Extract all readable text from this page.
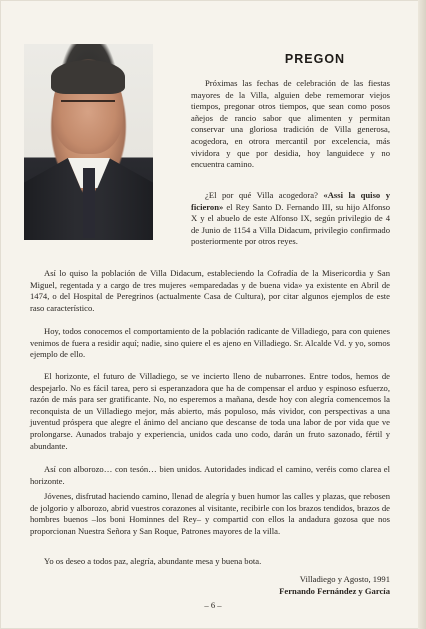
PREGON

Próximas las fechas de celebración de las fiestas mayores de la Villa, alguien debe rememorar viejos tiempos, pregonar otros tiempos, que sean como posos añejos de rancio sabor que alimenten y permitan conservar una gloriosa tradición de Villa generosa, acogedora, en otrora mercantil por excelencia, más vividora y que por desidia, hoy languidece y no encuentra camino.

¿El por qué Villa acogedora? «Assi la quiso y ficieron» el Rey Santo D. Fernando III, su hijo Alfonso X y el abuelo de este Alfonso IX, según privilegio de 4 de Junio de 1154 a Villa Didacum, privilegio confirmado posteriormente por otros reyes.

Así lo quiso la población de Villa Didacum, estableciendo la Cofradía de la Misericordia y San Miguel, regentada y a cargo de tres mujeres «emparedadas y de buena vida» ya existente en Abril de 1474, o del Hospital de Peregrinos (actualmente Casa de Cultura), por citar algunos ejemplos de este raso característico.

Hoy, todos conocemos el comportamiento de la población radicante de Villadiego, para con quienes venimos de fuera a residir aquí; nadie, sino quiere el es ajeno en Villadiego. Sr. Alcalde Vd. y yo, somos ejemplo de ello.

El horizonte, el futuro de Villadiego, se ve incierto lleno de nubarrones. Entre todos, hemos de despejarlo. No es fácil tarea, pero si esperanzadora que ha de compensar el arduo y espinoso esfuerzo, razón de más para ser gratificante. No, no esperemos a mañana, desde hoy con alegría comencemos la reconquista de un Villadiego mejor, más abierto, más populoso, más vividor, con perspectivas a una juventud próspera que alegre el ánimo del anciano que descanse de toda una labor de por vida que ve prolongarse. Aunados trabajo y experiencia, unidos cada uno codo, darán un fruto sazonado, fértil y abundante.

Así con alborozo… con tesón… bien unidos. Autoridades indicad el camino, veréis como clarea el horizonte.

Jóvenes, disfrutad haciendo camino, llenad de alegría y buen humor las calles y plazas, que rebosen de jolgorio y alborozo, abrid vuestros corazones al visitante, recibirle con los brazos tendidos, brazos de hombres buenos –los boni Hominnes del Rey– y compartid con ellos la andadura gozosa que nos proporcionan Nuestra Señora y San Roque, Patrones mayores de la villa.

Yo os deseo a todos paz, alegría, abundante mesa y buena bota.

Villadiego y Agosto, 1991
Fernando Fernández y García
– 6 –
